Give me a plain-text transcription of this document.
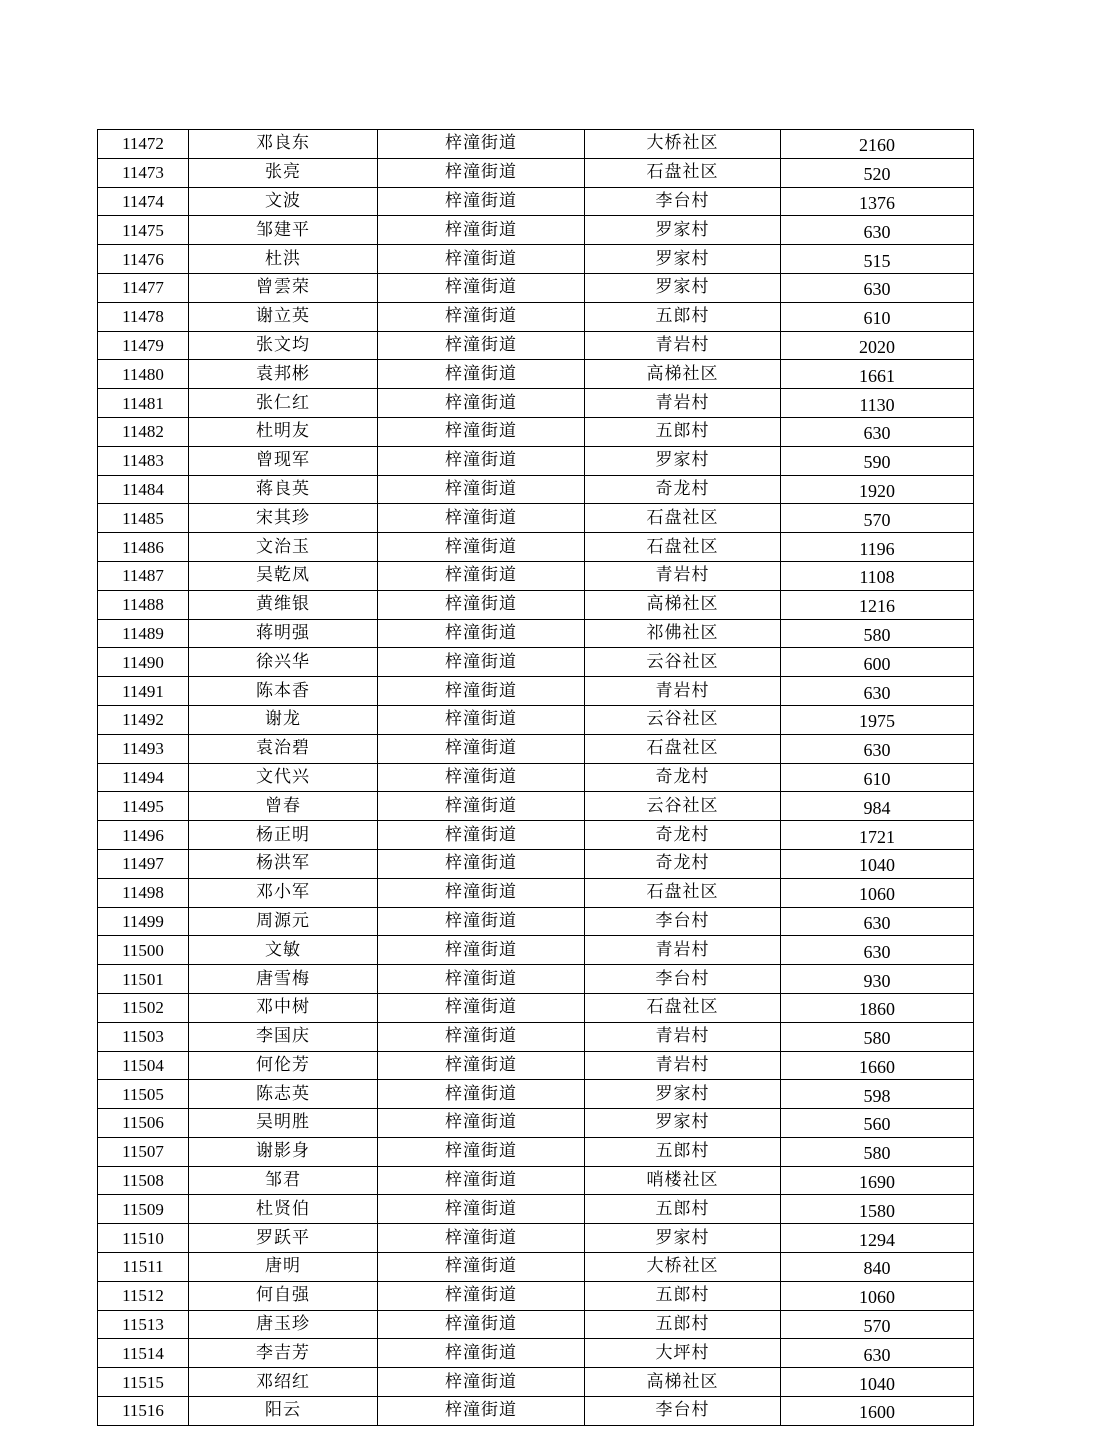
11472	邓良东	梓潼街道	大桥社区	2160
11473	张亮	梓潼街道	石盘社区	520
11474	文波	梓潼街道	李台村	1376
11475	邹建平	梓潼街道	罗家村	630
11476	杜洪	梓潼街道	罗家村	515
11477	曾雲荣	梓潼街道	罗家村	630
11478	谢立英	梓潼街道	五郎村	610
11479	张文均	梓潼街道	青岩村	2020
11480	袁邦彬	梓潼街道	高梯社区	1661
11481	张仁红	梓潼街道	青岩村	1130
11482	杜明友	梓潼街道	五郎村	630
11483	曾现军	梓潼街道	罗家村	590
11484	蒋良英	梓潼街道	奇龙村	1920
11485	宋其珍	梓潼街道	石盘社区	570
11486	文治玉	梓潼街道	石盘社区	1196
11487	吴乾凤	梓潼街道	青岩村	1108
11488	黄维银	梓潼街道	高梯社区	1216
11489	蒋明强	梓潼街道	祁佛社区	580
11490	徐兴华	梓潼街道	云谷社区	600
11491	陈本香	梓潼街道	青岩村	630
11492	谢龙	梓潼街道	云谷社区	1975
11493	袁治碧	梓潼街道	石盘社区	630
11494	文代兴	梓潼街道	奇龙村	610
11495	曾春	梓潼街道	云谷社区	984
11496	杨正明	梓潼街道	奇龙村	1721
11497	杨洪军	梓潼街道	奇龙村	1040
11498	邓小军	梓潼街道	石盘社区	1060
11499	周源元	梓潼街道	李台村	630
11500	文敏	梓潼街道	青岩村	630
11501	唐雪梅	梓潼街道	李台村	930
11502	邓中树	梓潼街道	石盘社区	1860
11503	李国庆	梓潼街道	青岩村	580
11504	何伦芳	梓潼街道	青岩村	1660
11505	陈志英	梓潼街道	罗家村	598
11506	吴明胜	梓潼街道	罗家村	560
11507	谢影身	梓潼街道	五郎村	580
11508	邹君	梓潼街道	哨楼社区	1690
11509	杜贤伯	梓潼街道	五郎村	1580
11510	罗跃平	梓潼街道	罗家村	1294
11511	唐明	梓潼街道	大桥社区	840
11512	何自强	梓潼街道	五郎村	1060
11513	唐玉珍	梓潼街道	五郎村	570
11514	李吉芳	梓潼街道	大坪村	630
11515	邓绍红	梓潼街道	高梯社区	1040
11516	阳云	梓潼街道	李台村	1600
